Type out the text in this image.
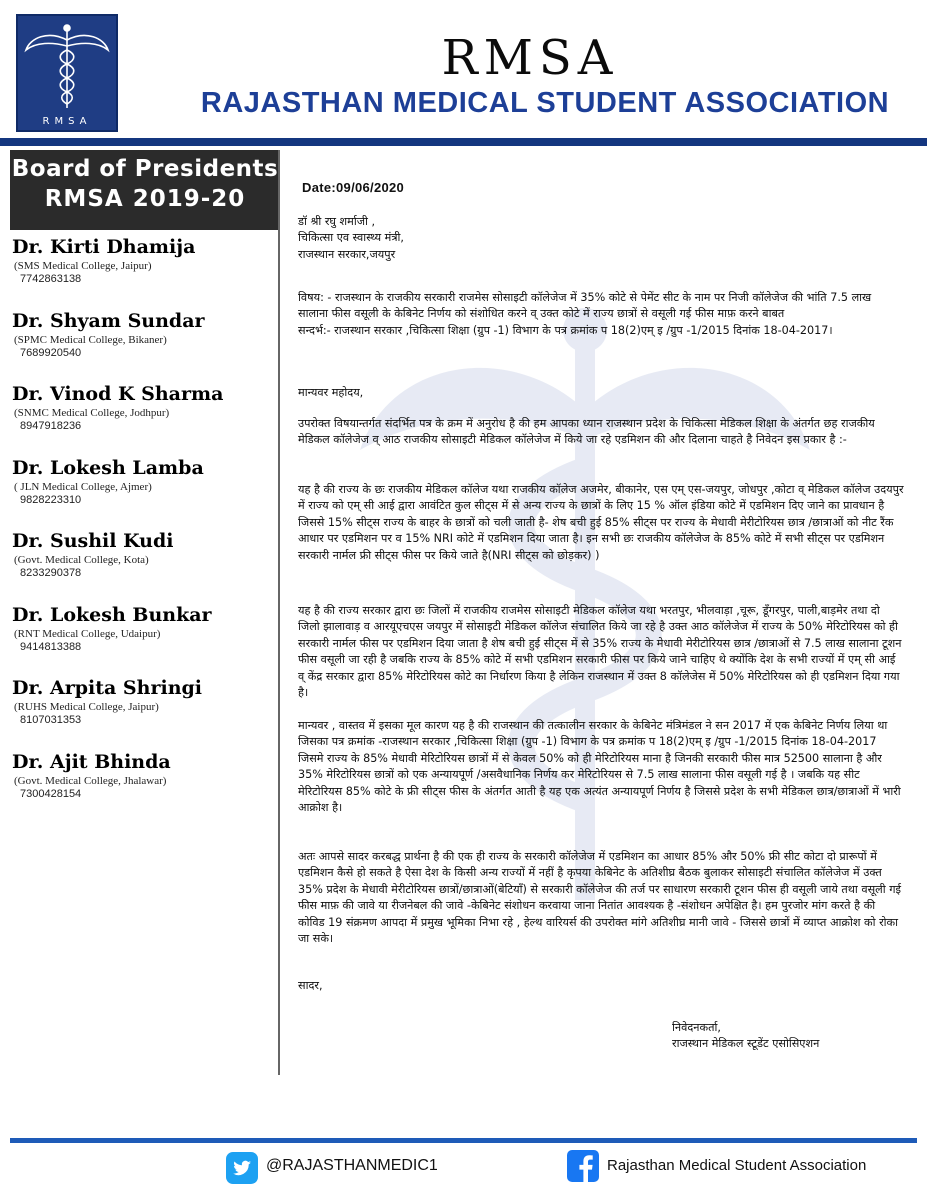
RMSA
RMSA
RAJASTHAN MEDICAL STUDENT ASSOCIATION
Board of Presidents
RMSA 2019-20
Dr. Kirti Dhamija
(SMS Medical College, Jaipur)
7742863138
Dr. Shyam Sundar
(SPMC Medical College, Bikaner)
7689920540
Dr. Vinod K Sharma
(SNMC Medical College, Jodhpur)
8947918236
Dr. Lokesh Lamba
( JLN Medical College, Ajmer)
9828223310
Dr. Sushil Kudi
(Govt. Medical College, Kota)
8233290378
Dr. Lokesh Bunkar
(RNT Medical College, Udaipur)
9414813388
Dr. Arpita Shringi
(RUHS Medical College, Jaipur)
8107031353
Dr. Ajit Bhinda
(Govt. Medical College, Jhalawar)
7300428154
Date:09/06/2020
डॉ श्री रघु शर्माजी ,
चिकित्सा एव स्वास्थ्य मंत्री,
राजस्थान सरकार,जयपुर
विषय: - राजस्थान के राजकीय सरकारी राजमेस सोसाइटी कॉलेजेज में 35% कोटे से पेमेंट सीट के नाम पर निजी कॉलेजेज की भांति 7.5 लाख सालाना फीस वसूली के केबिनेट निर्णय को संशोधित करने व् उक्त कोटे में राज्य छात्रों से वसूली गई फीस माफ़ करने बाबत
सन्दर्भ:- राजस्थान सरकार ,चिकित्सा शिक्षा (ग्रुप -1) विभाग के पत्र क्रमांक प 18(2)एम् इ /ग्रुप -1/2015 दिनांक 18-04-2017।
मान्यवर महोदय,
उपरोक्त विषयान्तर्गत संदर्भित पत्र के क्रम में अनुरोध है की हम आपका ध्यान राजस्थान प्रदेश के चिकित्सा मेडिकल शिक्षा के अंतर्गत छह राजकीय मेडिकल कॉलेजेज व् आठ राजकीय सोसाइटी मेडिकल कॉलेजेज में किये जा रहे एडमिशन की और दिलाना चाहते है निवेदन इस प्रकार है :-
यह है की राज्य के छः राजकीय मेडिकल कॉलेज यथा राजकीय कॉलेज अजमेर, बीकानेर, एस एम् एस-जयपुर, जोधपुर ,कोटा व् मेडिकल कॉलेज उदयपुर में राज्य को एम् सी आई द्वारा आवंटित कुल सीट्स में से अन्य राज्य के छात्रों के लिए 15 % ऑल इंडिया कोटे में एडमिशन दिए जाने का प्रावधान है जिससे 15% सीट्स राज्य के बाहर के छात्रों को चली जाती है- शेष बची हुई 85% सीट्स पर राज्य के मेधावी मेरीटोरियस छात्र /छात्राओं को नीट रैंक आधार पर एडमिशन पर व 15% NRI कोटे में एडमिशन दिया जाता है। इन सभी छः राजकीय कॉलेजेज के 85% कोटे में सभी सीट्स पर एडमिशन सरकारी नार्मल फ्री सीट्स फीस पर किये जाते है(NRI सीट्स को छोड़कर) )
यह है की राज्य सरकार द्वारा छः जिलों में राजकीय राजमेस सोसाइटी मेडिकल कॉलेज यथा भरतपुर, भीलवाड़ा ,चूरू, डूँगरपुर, पाली,बाड़मेर तथा दो जिलो झालावाड़ व आरयूएचएस जयपुर में सोसाइटी मेडिकल कॉलेज संचालित किये जा रहे है उक्त आठ कॉलेजेज में राज्य के 50% मेरिटोरियस को ही सरकारी नार्मल फीस पर एडमिशन दिया जाता है शेष बची हुई सीट्स में से 35% राज्य के मेधावी मेरीटोरियस छात्र /छात्राओं से 7.5 लाख सालाना टूशन फीस वसूली जा रही है जबकि राज्य के 85% कोटे में सभी एडमिशन सरकारी फीस पर किये जाने चाहिए थे क्योंकि देश के सभी राज्यों में एम् सी आई व् केंद्र सरकार द्वारा 85% मेरिटोरियस कोटे का निर्धारण किया है लेकिन राजस्थान में उक्त 8 कॉलेजेस में 50% मेरिटोरियस को ही एडमिशन दिया गया है।
मान्यवर , वास्तव में इसका मूल कारण यह है की राजस्थान की तत्कालीन सरकार के केबिनेट मंत्रिमंडल ने सन 2017 में एक केबिनेट निर्णय लिया था जिसका पत्र क्रमांक -राजस्थान सरकार ,चिकित्सा शिक्षा (ग्रुप -1) विभाग के पत्र क्रमांक प 18(2)एम् इ /ग्रुप -1/2015 दिनांक 18-04-2017 जिसमे राज्य के 85% मेधावी मेरिटोरियस छात्रों में से केवल 50% को ही मेरिटोरियस माना है जिनकी सरकारी फीस मात्र 52500 सालाना है और 35% मेरिटोरियस छात्रों को एक अन्यायपूर्ण /असवैधानिक निर्णय कर मेरिटोरियस से 7.5 लाख सालाना फीस वसूली गई है । जबकि यह सीट मेरिटोरियस 85% कोटे के फ्री सीट्स फीस के अंतर्गत आती है यह एक अत्यंत अन्यायपूर्ण निर्णय है जिससे प्रदेश के सभी मेडिकल छात्र/छात्राओं में भारी आक्रोश है।
अतः आपसे सादर करबद्ध प्रार्थना है की एक ही राज्य के सरकारी कॉलेजेज में एडमिशन का आधार 85% और 50% फ्री सीट कोटा दो प्रारूपों में एडमिशन कैसे हो सकते है ऐसा देश के किसी अन्य राज्यों में नहीं है कृपया केबिनेट के अतिशीघ्र बैठक बुलाकर सोसाइटी संचालित कॉलेजेज में उक्त 35% प्रदेश के मेधावी मेरीटोरियस छात्रों/छात्राओं(बेटियाँ) से सरकारी कॉलेजेज की तर्ज पर साधारण सरकारी टूशन फीस ही वसूली जाये तथा वसूली गई फीस माफ़ की जावे या रीजनेबल की जावे -केबिनेट संशोधन करवाया जाना नितांत आवश्यक है -संशोधन अपेक्षित है। हम पुरजोर मांग करते है की कोविड 19 संक्रमण आपदा में प्रमुख भूमिका निभा रहे , हेल्थ वारियर्स की उपरोक्त मांगे अतिशीघ्र मानी जावे - जिससे छात्रों में व्याप्त आक्रोश को रोका जा सके।
सादर,
निवेदनकर्ता,
राजस्थान मेडिकल स्टूडेंट एसोसिएशन
@RAJASTHANMEDIC1	Rajasthan Medical Student Association
